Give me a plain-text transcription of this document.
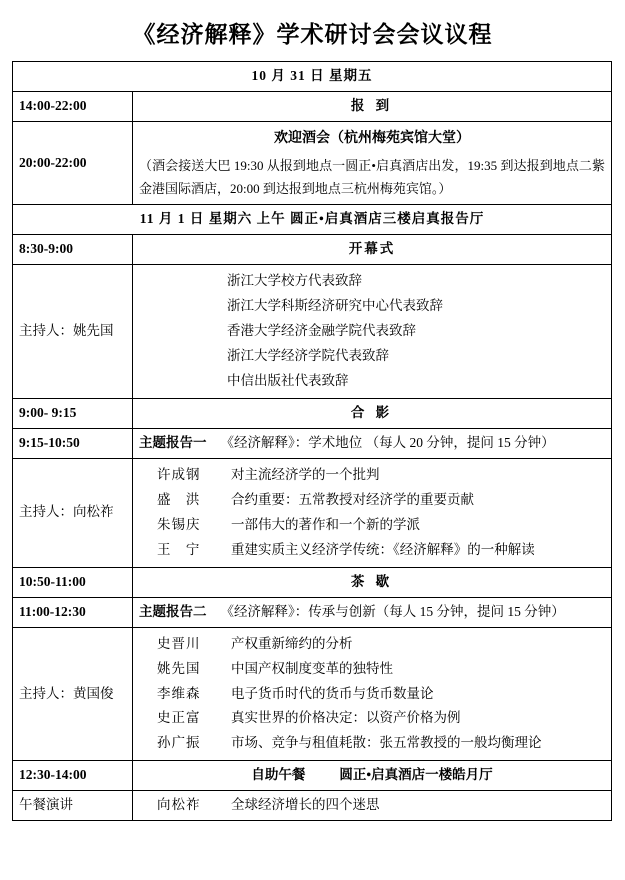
《经济解释》学术研讨会会议议程
10 月 31 日 星期五	
14:00-22:00	报 到
20:00-22:00	欢迎酒会（杭州梅苑宾馆大堂）
（酒会接送大巴 19:30 从报到地点一圆正•启真酒店出发，19:35 到达报到地点二紫金港国际酒店，20:00 到达报到地点三杭州梅苑宾馆。）

11 月 1 日 星期六 上午 圆正•启真酒店三楼启真报告厅	
8:30-9:00	开幕式
主持人：姚先国	浙江大学校方代表致辞
浙江大学科斯经济研究中心代表致辞
香港大学经济金融学院代表致辞
浙江大学经济学院代表致辞
中信出版社代表致辞

9:00- 9:15	合 影
9:15-10:50	主题报告一 《经济解释》：学术地位 （每人 20 分钟，提问 15 分钟）

主持人：向松祚	
许成钢	对主流经济学的一个批判
盛 洪	合约重要：五常教授对经济学的重要贡献
朱锡庆	一部伟大的著作和一个新的学派
王 宁	重建实质主义经济学传统：《经济解释》的一种解读

10:50-11:00	茶 歇
11:00-12:30	主题报告二 《经济解释》：传承与创新（每人 15 分钟，提问 15 分钟）

主持人：黄国俊	
史晋川	产权重新缔约的分析
姚先国	中国产权制度变革的独特性
李维森	电子货币时代的货币与货币数量论
史正富	真实世界的价格决定：以资产价格为例
孙广振	市场、竞争与租值耗散：张五常教授的一般均衡理论

12:30-14:00	自助午餐 圆正•启真酒店一楼皓月厅

午餐演讲	向松祚 全球经济增长的四个迷思
